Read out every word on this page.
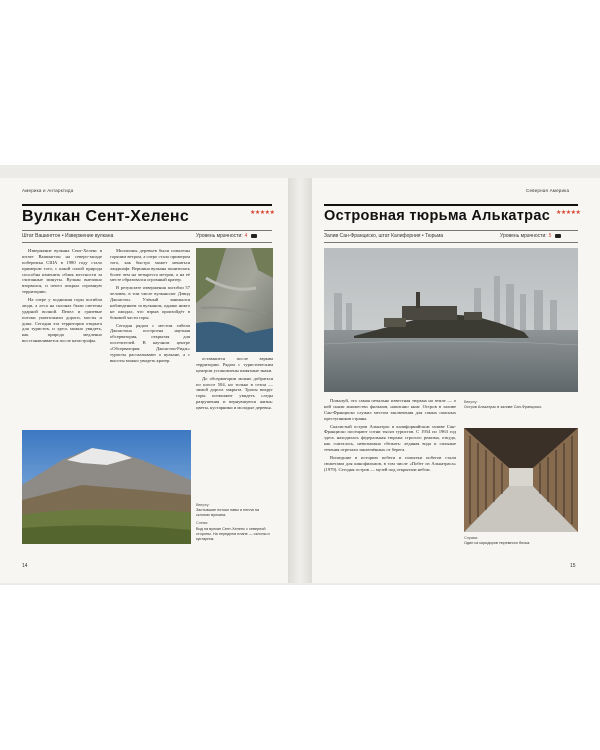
Америка и Антарктида
Вулкан Сент-Хеленс	★★★★★
Штат Вашингтон • Извержение вулкана	Уровень мрачности: 4

Извержение вулкана Сент-Хеленс в штате Вашингтон на северо-западе побережья США в 1980 году стало примером того, с какой силой природа способна изменить облик местности за считанные минуты. Вулкан внезапно взорвался, и пепел покрыл огромную территорию.

На озере у подножия горы погибли люди, а леса на склонах были сметены ударной волной. Пепел и грязевые потоки уничтожили дороги, мосты и дома. Сегодня эта территория открыта для туристов, и здесь можно увидеть, как природа медленно восстанавливается после катастрофы.

Миллионы деревьев были повалены горячим ветром, а озеро стало примером того, как быстро может меняться ландшафт. Вершина вулкана понизилась более чем на четыреста метров, а на её месте образовался огромный кратер.

В результате извержения погибли 57 человек, в том числе вулканолог Дэвид Джонстон. Учёный занимался наблюдением за вулканом, однако никто не ожидал, что взрыв произойдёт в боковой части горы.

Сегодня рядом с местом гибели Джонстона построена научная обсерватория, открытая для посетителей. В научном центре «Обсерватория Джонстон-Ридж» туристы рассказывают о вулкане, а с высоты можно увидеть кратер.	оставшиеся после взрыва территории. Рядом с туристическим центром установлены памятные знаки.

До обсерватории можно добраться по шоссе 504, но только в сезон — зимой дорога закрыта. Тропы вокруг горы позволяют увидеть следы разрушения и вернувшуюся жизнь: цветы, кустарники и молодые деревья.

Вверху:
Застывшие потоки лавы и пепла на склонах вулкана.
Слева:
Вид на вулкан Сент-Хеленс с северной стороны. На переднем плане — склоны и кустарник.
14
Северная Америка
Островная тюрьма Алькатрас ★★★★★
Залив Сан-Франциско, штат Калифорния • Тюрьма	Уровень мрачности: 5

Пожалуй, это самая печально известная тюрьма на земле — о ней сняли множество фильмов, написано книг. Остров в заливе Сан-Франциско служил местом заключения для самых опасных преступников страны.

Скалистый остров Алькатрас в калифорнийском заливе Сан-Франциско посещают сотни тысяч туристов. С 1934 по 1963 год здесь находилась федеральная тюрьма строгого режима, откуда, как считалось, невозможно сбежать: ледяная вода и сильные течения отрезали заключённых от берега.

Вошедшие в историю побеги и попытки побегов стали сюжетами для кинофильмов, в том числе «Побег из Алькатраса» (1979). Сегодня остров — музей под открытым небом.

Вверху:
Остров Алькатрас в заливе Сан-Франциско.
Справа:
Один из коридоров тюремного блока.
15
